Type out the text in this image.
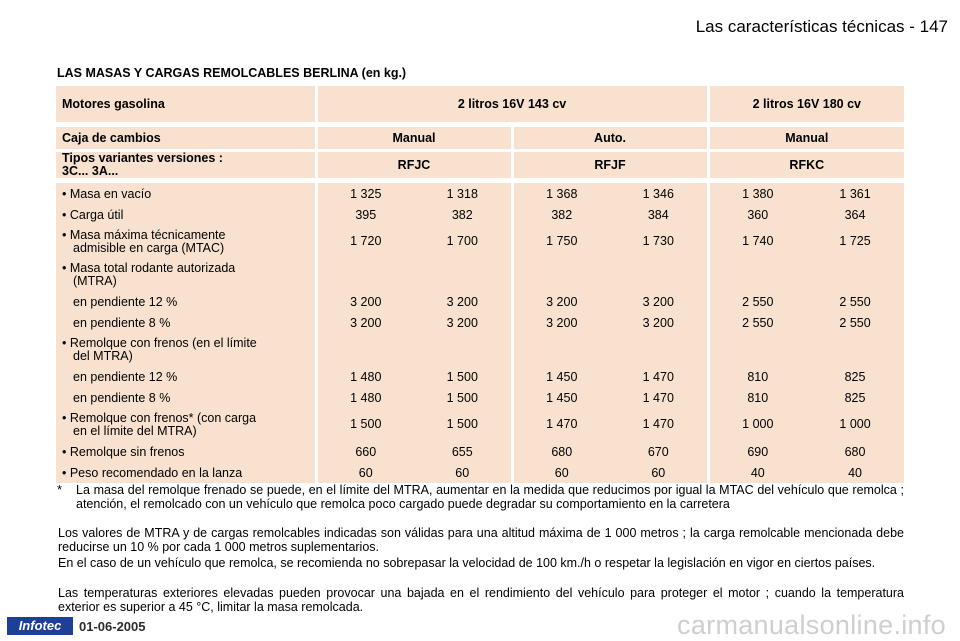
Las características técnicas - 147
LAS MASAS Y CARGAS REMOLCABLES BERLINA (en kg.)
Motores gasolina	2 litros 16V 143 cv				2 litros 16V 180 cv	
Caja de cambios	Manual		Auto.		Manual	
Tipos variantes versiones :
3C... 3A...	RFJC		RFJF		RFKC	
• Masa en vacío	1 325	1 318	1 368	1 346	1 380	1 361
• Carga útil	395	382	382	384	360	364
• Masa máxima técnicamente
admisible en carga (MTAC)	1 720	1 700	1 750	1 730	1 740	1 725
• Masa total rodante autorizada
(MTRA)						

en pendiente 12 %	3 200	3 200	3 200	3 200	2 550	2 550

en pendiente 8 %	3 200	3 200	3 200	3 200	2 550	2 550
• Remolque con frenos (en el límite
del MTRA)						

en pendiente 12 %	1 480	1 500	1 450	1 470	810	825

en pendiente 8 %	1 480	1 500	1 450	1 470	810	825
• Remolque con frenos* (con carga
en el límite del MTRA)	1 500	1 500	1 470	1 470	1 000	1 000
• Remolque sin frenos	660	655	680	670	690	680
• Peso recomendado en la lanza	60	60	60	60	40	40
* La masa del remolque frenado se puede, en el límite del MTRA, aumentar en la medida que reducimos por igual la MTAC del vehículo que remolca ; atención, el remolcado con un vehículo que remolca poco cargado puede degradar su comportamiento en la carretera
Los valores de MTRA y de cargas remolcables indicadas son válidas para una altitud máxima de 1 000 metros ; la carga remolcable mencionada debe reducirse un 10 % por cada 1 000 metros suplementarios.
En el caso de un vehículo que remolca, se recomienda no sobrepasar la velocidad de 100 km./h o respetar la legislación en vigor en ciertos países.
Las temperaturas exteriores elevadas pueden provocar una bajada en el rendimiento del vehículo para proteger el motor ; cuando la temperatura exterior es superior a 45 °C, limitar la masa remolcada.
Infotec	01-06-2005	carmanualsonline.info
